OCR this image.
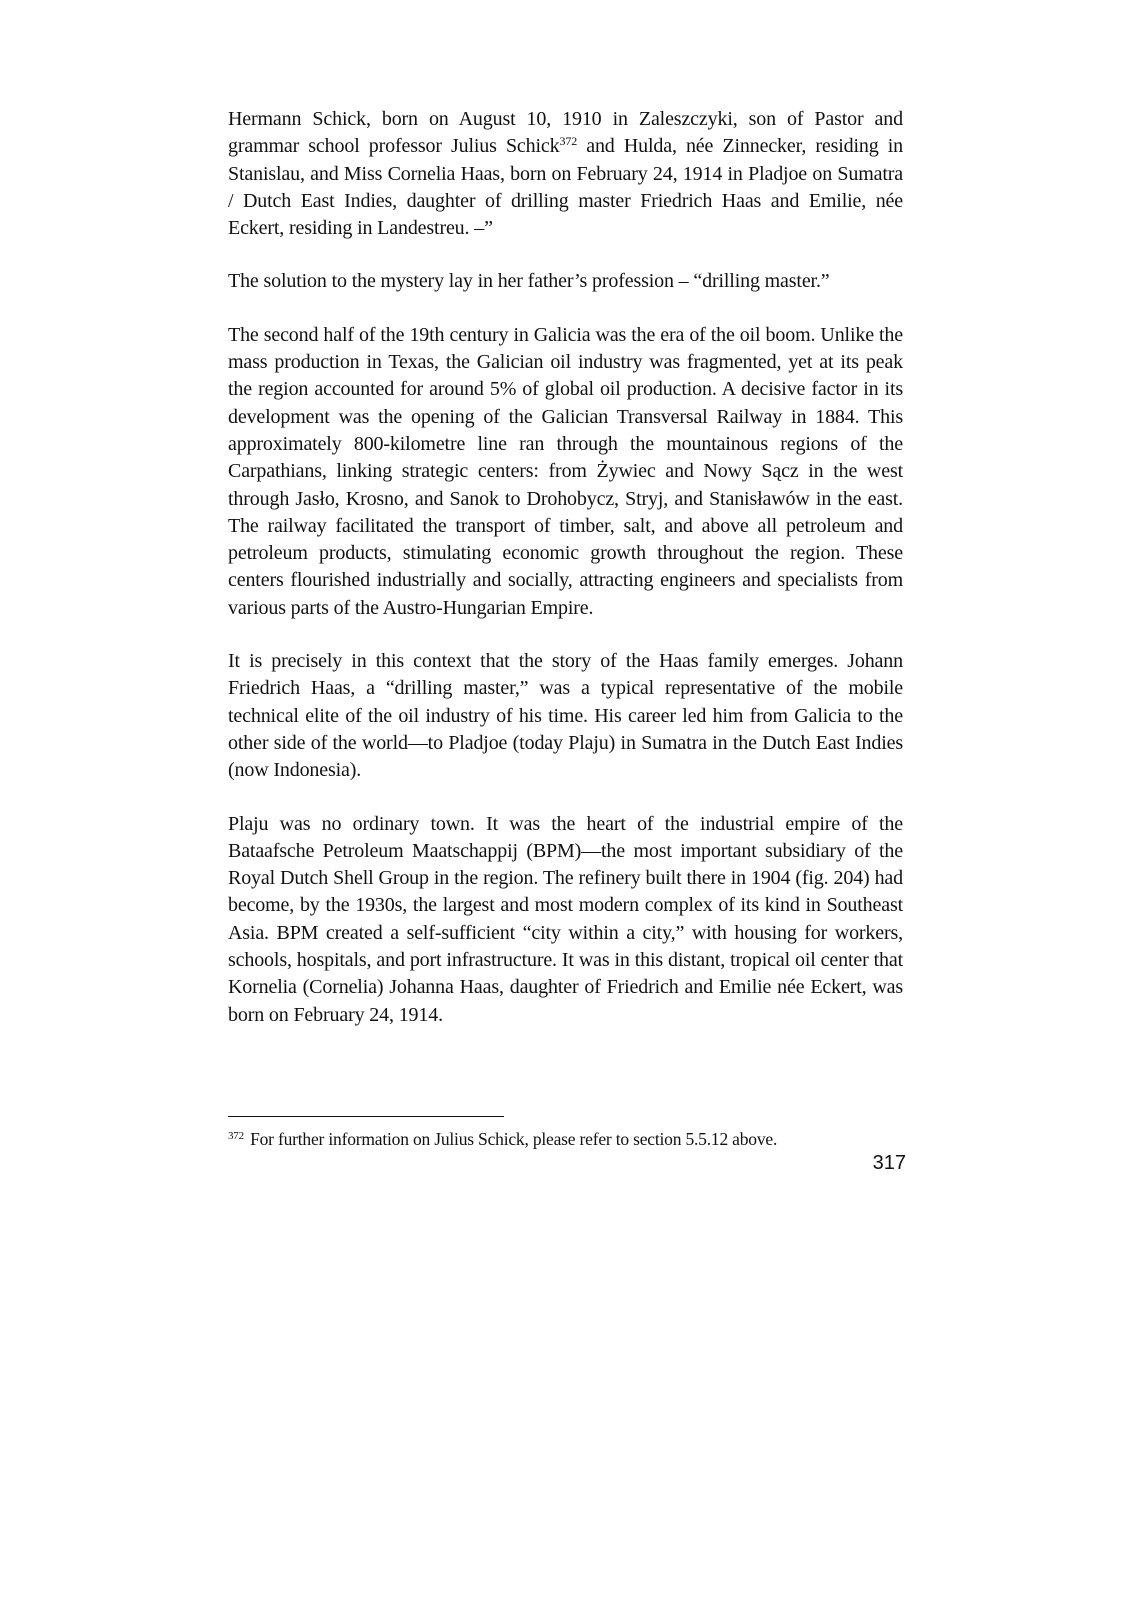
Hermann Schick, born on August 10, 1910 in Zaleszczyki, son of Pastor and grammar school professor Julius Schick$^{372}$ and Hulda, née Zinnecker, residing in Stanislau, and Miss Cornelia Haas, born on February 24, 1914 in Pladjoe on Sumatra / Dutch East Indies, daughter of drilling master Friedrich Haas and Emilie, née Eckert, residing in Landestreu. –”

The solution to the mystery lay in her father’s profession – “drilling master.”

The second half of the 19th century in Galicia was the era of the oil boom. Unlike the mass production in Texas, the Galician oil industry was fragmented, yet at its peak the region accounted for around 5% of global oil production. A decisive factor in its development was the opening of the Galician Transversal Railway in 1884. This approximately 800-kilometre line ran through the mountainous regions of the Carpathians, linking strategic centers: from Żywiec and Nowy Sącz in the west through Jasło, Krosno, and Sanok to Drohobycz, Stryj, and Stanisławów in the east. The railway facilitated the transport of timber, salt, and above all petroleum and petroleum products, stimulating economic growth throughout the region. These centers flourished industrially and socially, attracting engineers and specialists from various parts of the Austro-Hungarian Empire.

It is precisely in this context that the story of the Haas family emerges. Johann Friedrich Haas, a “drilling master,” was a typical representative of the mobile technical elite of the oil industry of his time. His career led him from Galicia to the other side of the world—to Pladjoe (today Plaju) in Sumatra in the Dutch East Indies (now Indonesia).

Plaju was no ordinary town. It was the heart of the industrial empire of the Bataafsche Petroleum Maatschappij (BPM)—the most important subsidiary of the Royal Dutch Shell Group in the region. The refinery built there in 1904 (fig. 204) had become, by the 1930s, the largest and most modern complex of its kind in Southeast Asia. BPM created a self-sufficient “city within a city,” with housing for workers, schools, hospitals, and port infrastructure. It was in this distant, tropical oil center that Kornelia (Cornelia) Johanna Haas, daughter of Friedrich and Emilie née Eckert, was born on February 24, 1914.

$^{372}$ For further information on Julius Schick, please refer to section 5.5.12 above.
317
